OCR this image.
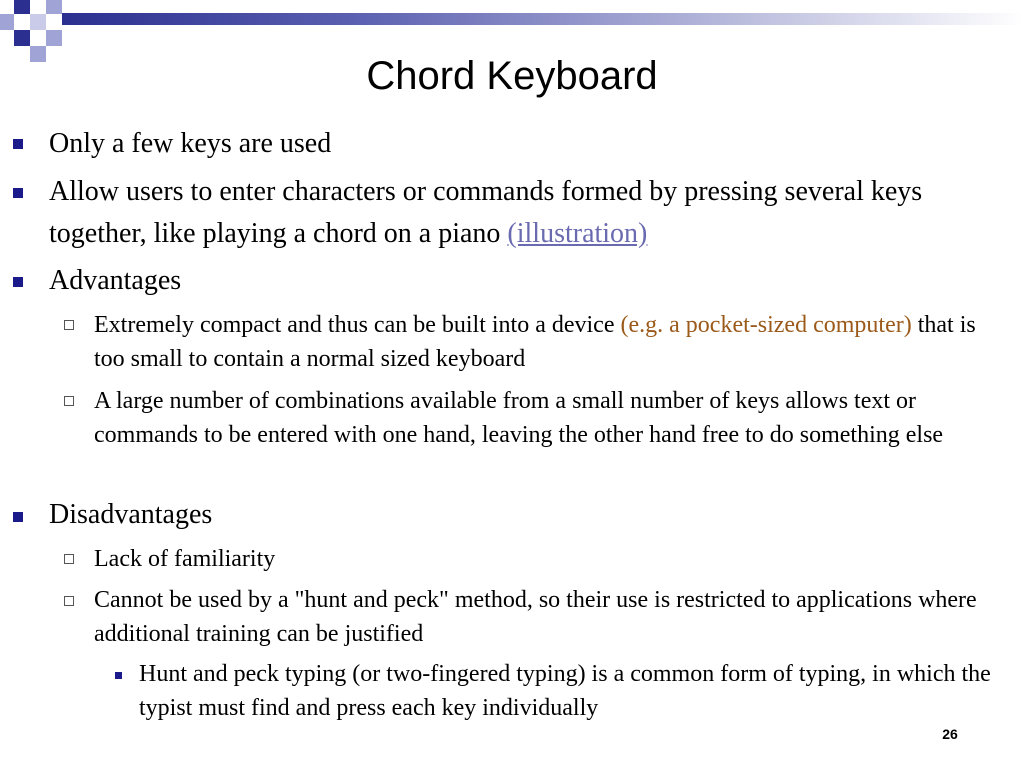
Chord Keyboard
Only a few keys are used
Allow users to enter characters or commands formed by pressing several keys together, like playing a chord on a piano (illustration)
Advantages
Extremely compact and thus can be built into a device (e.g. a pocket-sized computer) that is too small to contain a normal sized keyboard
A large number of combinations available from a small number of keys allows text or commands to be entered with one hand, leaving the other hand free to do something else
Disadvantages
Lack of familiarity
Cannot be used by a "hunt and peck" method, so their use is restricted to applications where additional training can be justified
Hunt and peck typing (or two-fingered typing) is a common form of typing, in which the typist must find and press each key individually
26
